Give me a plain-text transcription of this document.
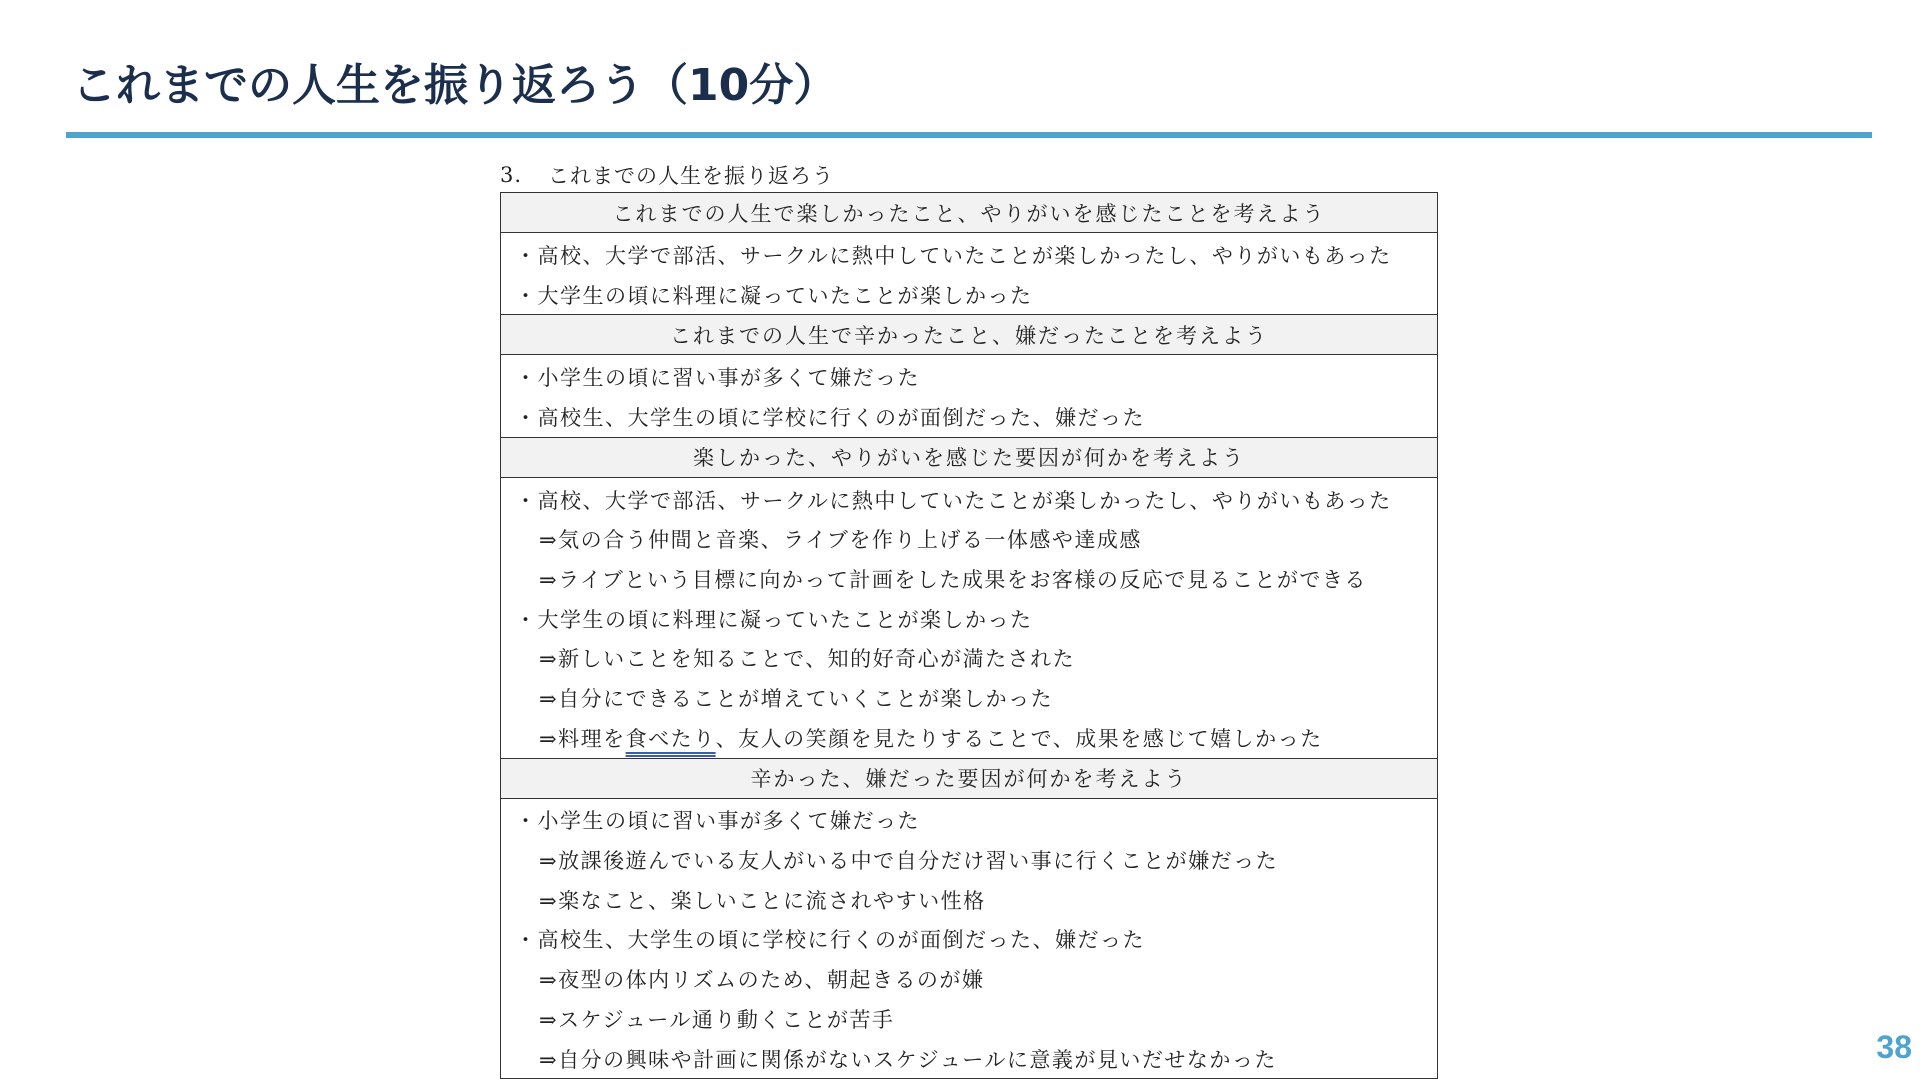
これまでの人生を振り返ろう（10分）
3.	これまでの人生を振り返ろう
これまでの人生で楽しかったこと、やりがいを感じたことを考えよう
・高校、大学で部活、サークルに熱中していたことが楽しかったし、やりがいもあった
・大学生の頃に料理に凝っていたことが楽しかった
これまでの人生で辛かったこと、嫌だったことを考えよう
・小学生の頃に習い事が多くて嫌だった
・高校生、大学生の頃に学校に行くのが面倒だった、嫌だった
楽しかった、やりがいを感じた要因が何かを考えよう
・高校、大学で部活、サークルに熱中していたことが楽しかったし、やりがいもあった
⇒気の合う仲間と音楽、ライブを作り上げる一体感や達成感
⇒ライブという目標に向かって計画をした成果をお客様の反応で見ることができる
・大学生の頃に料理に凝っていたことが楽しかった
⇒新しいことを知ることで、知的好奇心が満たされた
⇒自分にできることが増えていくことが楽しかった
⇒料理を 食べたり 、友人の笑顔を見たりすることで、成果を感じて嬉しかった
辛かった、嫌だった要因が何かを考えよう
・小学生の頃に習い事が多くて嫌だった
⇒放課後遊んでいる友人がいる中で自分だけ習い事に行くことが嫌だった
⇒楽なこと、楽しいことに流されやすい性格
・高校生、大学生の頃に学校に行くのが面倒だった、嫌だった
⇒夜型の体内リズムのため、朝起きるのが嫌
⇒スケジュール通り動くことが苦手
⇒自分の興味や計画に関係がないスケジュールに意義が見いだせなかった	38
